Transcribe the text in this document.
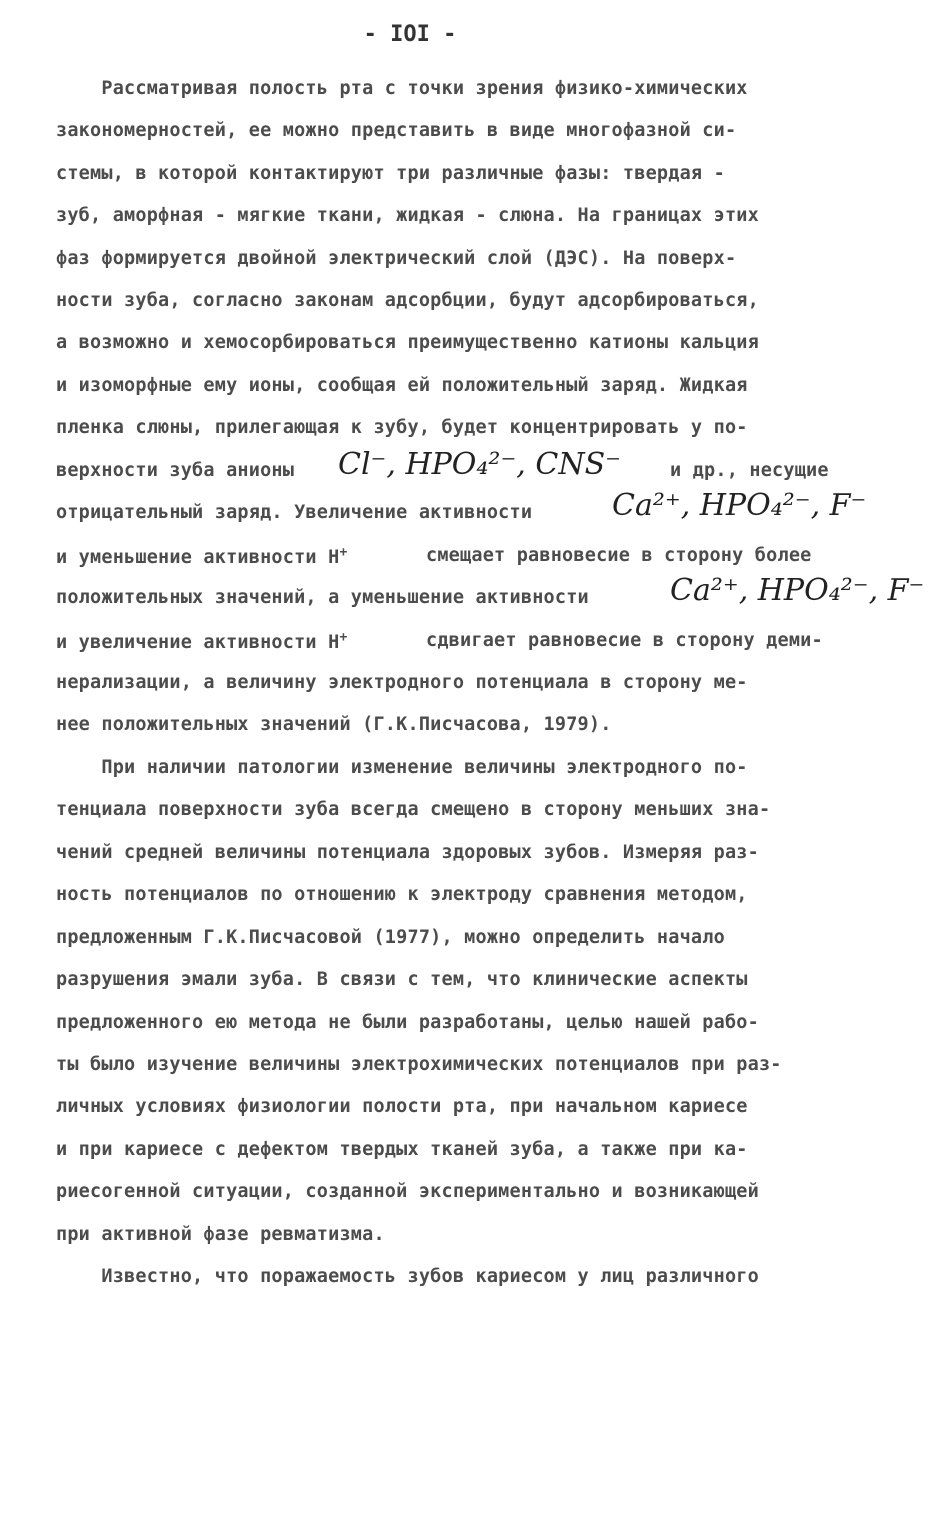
- IOI -
Рассматривая полость рта с точки зрения физико-химических
закономерностей, ее можно представить в виде многофазной си-
стемы, в которой контактируют три различные фазы: твердая -
зуб, аморфная - мягкие ткани, жидкая - слюна. На границах этих
фаз формируется двойной электрический слой (ДЭС). На поверх-
ности зуба, согласно законам адсорбции, будут адсорбироваться,
а возможно и хемосорбироваться преимущественно катионы кальция
и изоморфные ему ионы, сообщая ей положительный заряд. Жидкая
пленка слюны, прилегающая к зубу, будет концентрировать у по-
верхности зуба анионы Cl⁻, HPO₄²⁻, CNS⁻	и др., несущие
отрицательный заряд. Увеличение активности	Ca²⁺, HPO₄²⁻, F⁻
и уменьшение активности Н+	смещает равновесие в сторону более
положительных значений, а уменьшение активности	Ca²⁺, HPO₄²⁻, F⁻
и увеличение активности Н+	сдвигает равновесие в сторону деми-
нерализации, а величину электродного потенциала в сторону ме-
нее положительных значений (Г.К.Писчасова, 1979).
При наличии патологии изменение величины электродного по-
тенциала поверхности зуба всегда смещено в сторону меньших зна-
чений средней величины потенциала здоровых зубов. Измеряя раз-
ность потенциалов по отношению к электроду сравнения методом,
предложенным Г.К.Писчасовой (1977), можно определить начало
разрушения эмали зуба. В связи с тем, что клинические аспекты
предложенного ею метода не были разработаны, целью нашей рабо-
ты было изучение величины электрохимических потенциалов при раз-
личных условиях физиологии полости рта, при начальном кариесе
и при кариесе с дефектом твердых тканей зуба, а также при ка-
риесогенной ситуации, созданной экспериментально и возникающей
при активной фазе ревматизма.
Известно, что поражаемость зубов кариесом у лиц различного
